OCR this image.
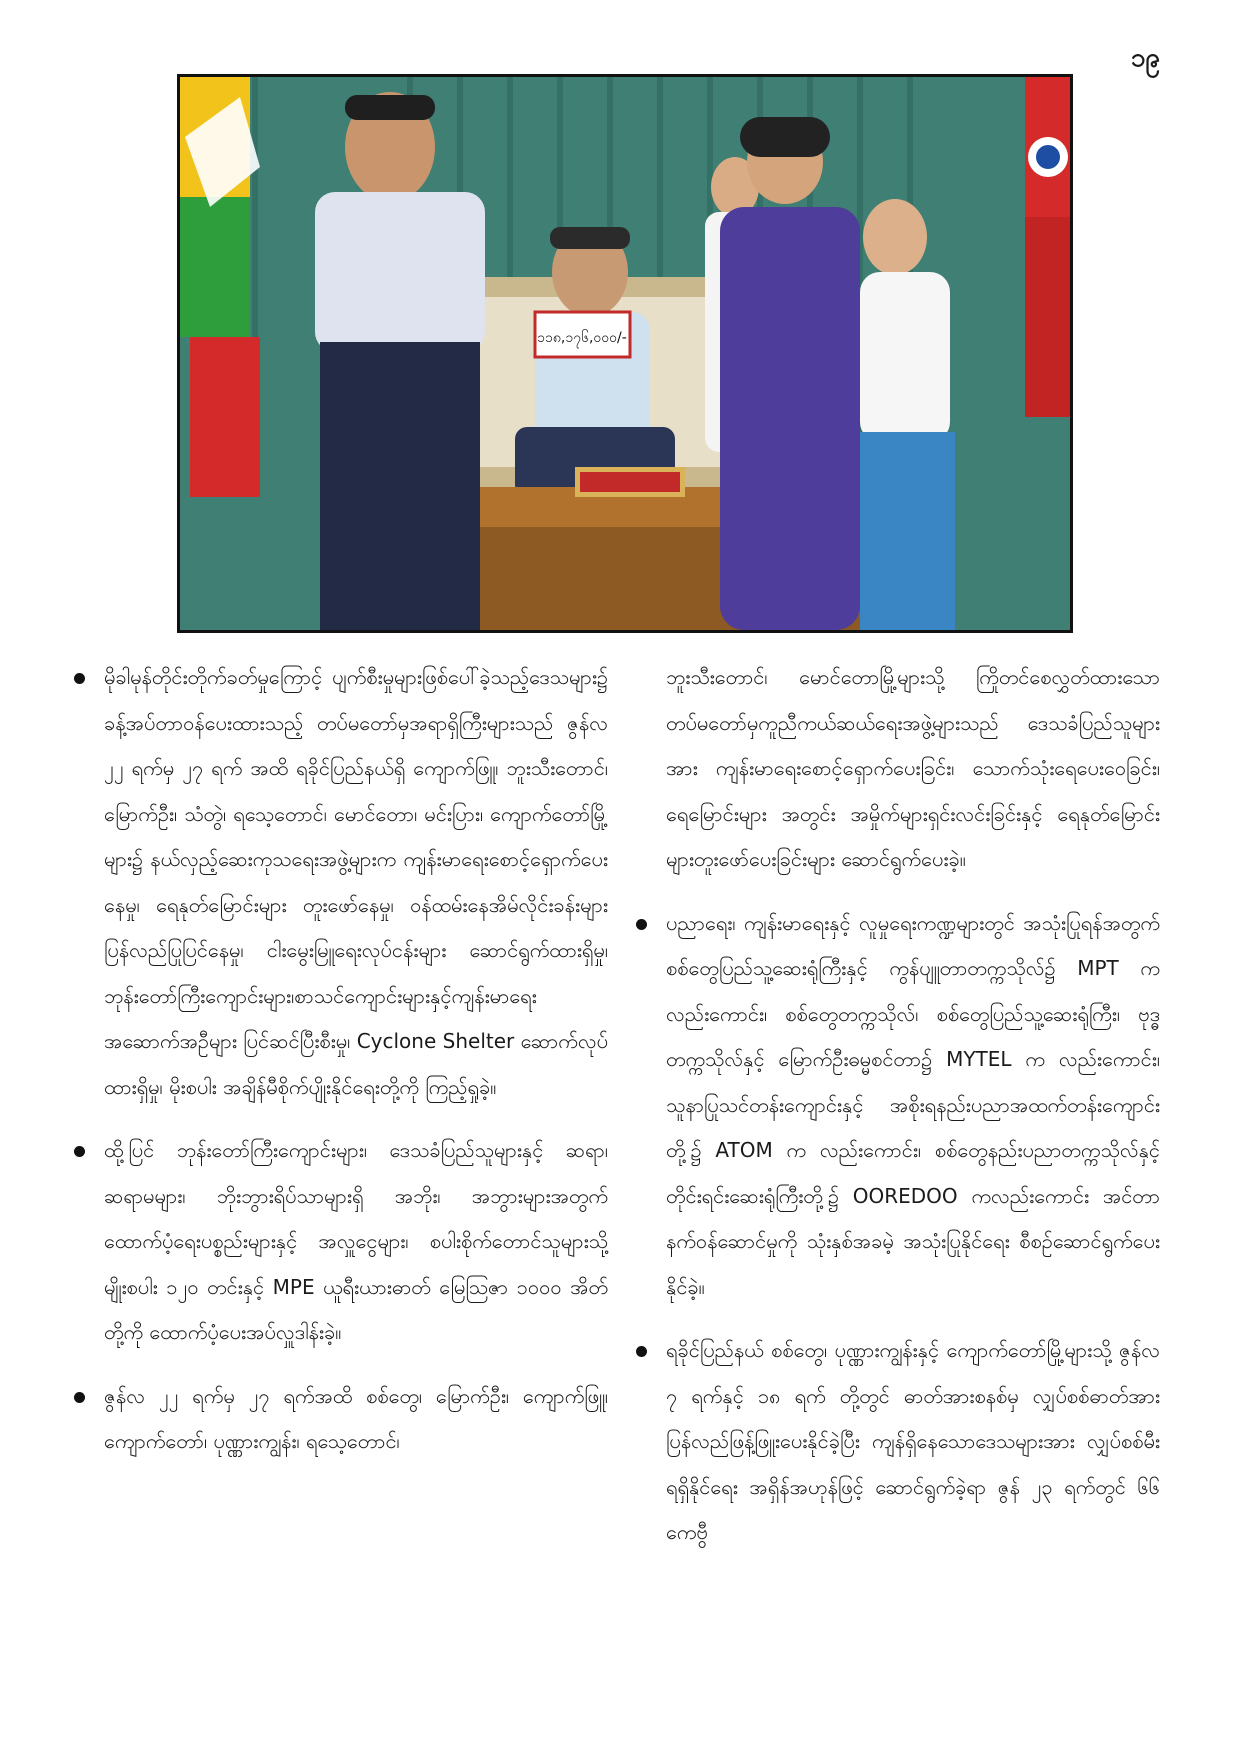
၁၉
၁၁၈,၁၇၆,၀၀၀/-

မိုခါမုန်တိုင်းတိုက်ခတ်မှုကြောင့် ပျက်စီးမှုများဖြစ်ပေါ်ခဲ့သည့်ဒေသများ၌ ခန့်အပ်တာဝန်ပေးထားသည့် တပ်မတော်မှအရာရှိကြီးများသည် ဇွန်လ ၂၂ ရက်မှ ၂၇ ရက် အထိ ရခိုင်ပြည်နယ်ရှိ ကျောက်ဖြူ၊ ဘူးသီးတောင်၊ မြောက်ဦး၊ သံတွဲ၊ ရသေ့တောင်၊ မောင်တော၊ မင်းပြား၊ ကျောက်တော်မြို့များ၌ နယ်လှည့်ဆေးကုသရေးအဖွဲ့များက ကျန်းမာရေးစောင့်ရှောက်ပေးနေမှု၊ ရေနုတ်မြောင်းများ တူးဖော်နေမှု၊ ဝန်ထမ်းနေအိမ်လိုင်းခန်းများ ပြန်လည်ပြုပြင်နေမှု၊ ငါးမွေးမြူရေးလုပ်ငန်းများ ဆောင်ရွက်ထားရှိမှု၊ ဘုန်းတော်ကြီးကျောင်းများ၊စာသင်ကျောင်းများနှင့်ကျန်းမာရေးအဆောက်အဦများ ပြင်ဆင်ပြီးစီးမှု၊ Cyclone Shelter ဆောက်လုပ်ထားရှိမှု၊ မိုးစပါး အချိန်မီစိုက်ပျိုးနိုင်ရေးတို့ကို ကြည့်ရှုခဲ့။

ထို့ပြင် ဘုန်းတော်ကြီးကျောင်းများ၊ ဒေသခံပြည်သူများနှင့် ဆရာ၊ ဆရာမများ၊ ဘိုးဘွားရိပ်သာများရှိ အဘိုး၊ အဘွားများအတွက် ထောက်ပံ့ရေးပစ္စည်းများနှင့် အလှူငွေများ၊ စပါးစိုက်တောင်သူများသို့ မျိုးစပါး ၁၂၀ တင်းနှင့် MPE ယူရီးယားဓာတ် မြေသြဇာ ၁၀၀၀ အိတ်တို့ကို ထောက်ပံ့ပေးအပ်လှူဒါန်းခဲ့။

ဇွန်လ ၂၂ ရက်မှ ၂၇ ရက်အထိ စစ်တွေ၊ မြောက်ဦး၊ ကျောက်ဖြူ၊ ကျောက်တော်၊ ပုဏ္ဏားကျွန်း၊ ရသေ့တောင်၊

ဘူးသီးတောင်၊ မောင်တောမြို့များသို့ ကြိုတင်စေလွှတ်ထားသော တပ်မတော်မှကူညီကယ်ဆယ်ရေးအဖွဲ့များသည် ဒေသခံပြည်သူများအား ကျန်းမာရေးစောင့်ရှောက်ပေးခြင်း၊ သောက်သုံးရေပေးဝေခြင်း၊ ရေမြောင်းများ အတွင်း အမှိုက်များရှင်းလင်းခြင်းနှင့် ရေနုတ်မြောင်းများတူးဖော်ပေးခြင်းများ ဆောင်ရွက်ပေးခဲ့။

ပညာရေး၊ ကျန်းမာရေးနှင့် လူမှုရေးကဏ္ဍများတွင် အသုံးပြုရန်အတွက် စစ်တွေပြည်သူ့ဆေးရုံကြီးနှင့် ကွန်ပျူတာတက္ကသိုလ်၌ MPT က လည်းကောင်း၊ စစ်တွေတက္ကသိုလ်၊ စစ်တွေပြည်သူ့ဆေးရုံကြီး၊ ဗုဒ္ဓတက္ကသိုလ်နှင့် မြောက်ဦးဓမ္မစင်တာ၌ MYTEL က လည်းကောင်း၊ သူနာပြုသင်တန်းကျောင်းနှင့် အစိုးရနည်းပညာအထက်တန်းကျောင်းတို့၌ ATOM က လည်းကောင်း၊ စစ်တွေနည်းပညာတက္ကသိုလ်နှင့် တိုင်းရင်းဆေးရုံကြီးတို့၌ OOREDOO ကလည်းကောင်း အင်တာနက်ဝန်ဆောင်မှုကို သုံးနှစ်အခမဲ့ အသုံးပြုနိုင်ရေး စီစဉ်ဆောင်ရွက်ပေးနိုင်ခဲ့။

ရခိုင်ပြည်နယ် စစ်တွေ၊ ပုဏ္ဏားကျွန်းနှင့် ကျောက်တော်မြို့များသို့ ဇွန်လ ၇ ရက်နှင့် ၁၈ ရက် တို့တွင် ဓာတ်အားစနစ်မှ လျှပ်စစ်ဓာတ်အား ပြန်လည်ဖြန့်ဖြူးပေးနိုင်ခဲ့ပြီး ကျန်ရှိနေသောဒေသများအား လျှပ်စစ်မီးရရှိနိုင်ရေး အရှိန်အဟုန်ဖြင့် ဆောင်ရွက်ခဲ့ရာ ဇွန် ၂၃ ရက်တွင် ၆၆ ကေဗွီ
